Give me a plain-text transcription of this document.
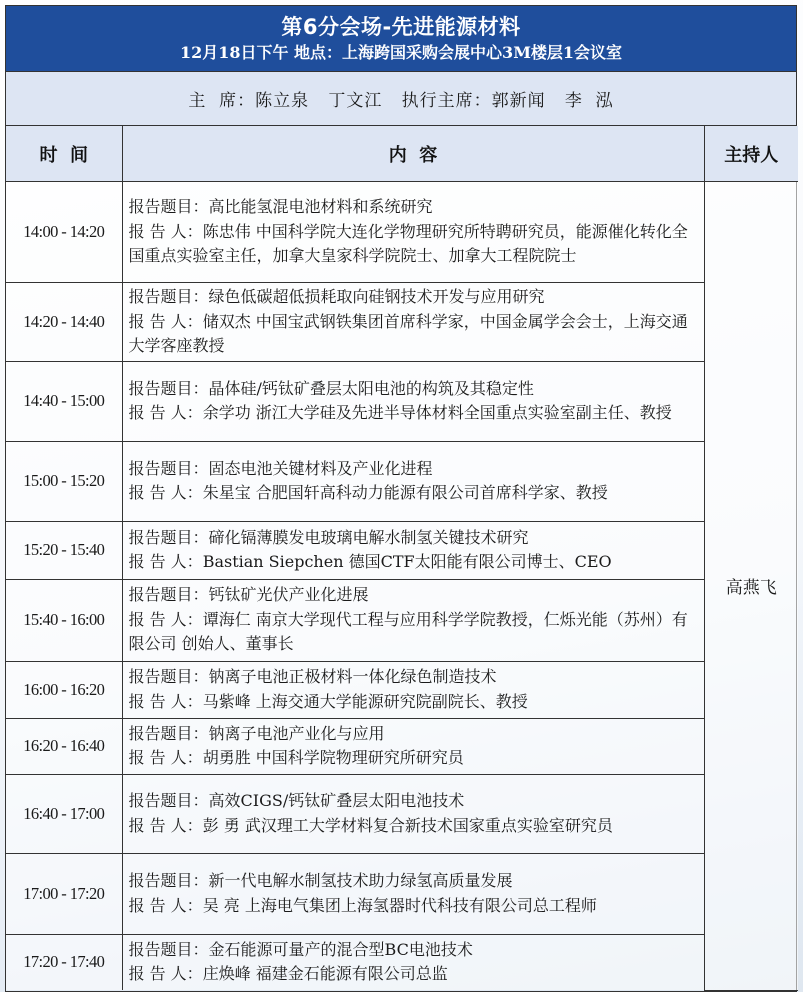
第6分会场-先进能源材料
12月18日下午 地点：上海跨国采购会展中心3M楼层1会议室
主  席：陈立泉   丁文江   执行主席：郭新闻   李  泓
时  间	内  容	主持人
14:00 - 14:20	报告题目：高比能氢混电池材料和系统研究
报 告 人：陈忠伟 中国科学院大连化学物理研究所特聘研究员，能源催化转化全国重点实验室主任，加拿大皇家科学院院士、加拿大工程院院士	高燕飞
14:20 - 14:40	报告题目：绿色低碳超低损耗取向硅钢技术开发与应用研究
报 告 人：储双杰 中国宝武钢铁集团首席科学家，中国金属学会会士，上海交通大学客座教授	

14:40 - 15:00	报告题目：晶体硅/钙钛矿叠层太阳电池的构筑及其稳定性
报 告 人：余学功 浙江大学硅及先进半导体材料全国重点实验室副主任、教授	

15:00 - 15:20	报告题目：固态电池关键材料及产业化进程
报 告 人：朱星宝 合肥国轩高科动力能源有限公司首席科学家、教授	

15:20 - 15:40	报告题目：碲化镉薄膜发电玻璃电解水制氢关键技术研究
报 告 人：Bastian Siepchen 德国CTF太阳能有限公司博士、CEO	

15:40 - 16:00	报告题目：钙钛矿光伏产业化进展
报 告 人：谭海仁 南京大学现代工程与应用科学学院教授，仁烁光能（苏州）有限公司 创始人、董事长	

16:00 - 16:20	报告题目：钠离子电池正极材料一体化绿色制造技术
报 告 人：马紫峰 上海交通大学能源研究院副院长、教授	

16:20 - 16:40	报告题目：钠离子电池产业化与应用
报 告 人：胡勇胜 中国科学院物理研究所研究员	

16:40 - 17:00	报告题目：高效CIGS/钙钛矿叠层太阳电池技术
报 告 人：彭 勇 武汉理工大学材料复合新技术国家重点实验室研究员	

17:00 - 17:20	报告题目：新一代电解水制氢技术助力绿氢高质量发展
报 告 人：吴 亮 上海电气集团上海氢器时代科技有限公司总工程师	

17:20 - 17:40	报告题目：金石能源可量产的混合型BC电池技术
报 告 人：庄焕峰 福建金石能源有限公司总监	
